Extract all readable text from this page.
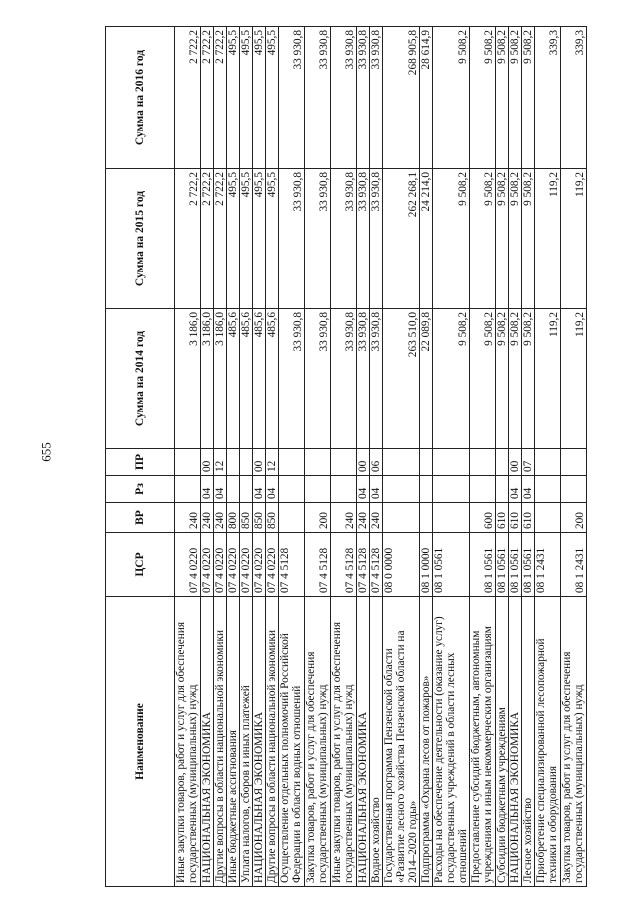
655
Наименование	ЦСР	ВР	Рз	ПР	Сумма на 2014 год	Сумма на 2015 год	Сумма на 2016 год
Иные закупки товаров, работ и услуг для обеспечения государственных (муниципальных) нужд	07 4 0220	240			3 186,0	2 722,2	2 722,2
НАЦИОНАЛЬНАЯ ЭКОНОМИКА	07 4 0220	240	04	00	3 186,0	2 722,2	2 722,2
Другие вопросы в области национальной экономики	07 4 0220	240	04	12	3 186,0	2 722,2	2 722,2
Иные бюджетные ассигнования	07 4 0220	800			485,6	495,5	495,5
Уплата налогов, сборов и иных платежей	07 4 0220	850			485,6	495,5	495,5
НАЦИОНАЛЬНАЯ ЭКОНОМИКА	07 4 0220	850	04	00	485,6	495,5	495,5
Другие вопросы в области национальной экономики	07 4 0220	850	04	12	485,6	495,5	495,5
Осуществление отдельных полномочий Российской Федерации в области водных отношений	07 4 5128				33 930,8	33 930,8	33 930,8
Закупка товаров, работ и услуг для обеспечения государственных (муниципальных) нужд	07 4 5128	200			33 930,8	33 930,8	33 930,8
Иные закупки товаров, работ и услуг для обеспечения государственных (муниципальных) нужд	07 4 5128	240			33 930,8	33 930,8	33 930,8
НАЦИОНАЛЬНАЯ ЭКОНОМИКА	07 4 5128	240	04	00	33 930,8	33 930,8	33 930,8
Водное хозяйство	07 4 5128	240	04	06	33 930,8	33 930,8	33 930,8
Государственная программа Пензенской области «Развитие лесного хозяйства Пензенской области на 2014–2020 годы»	08 0 0000				263 510,0	262 268,1	268 905,8
Подпрограмма «Охрана лесов от пожаров»	08 1 0000				22 089,8	24 214,0	28 614,9
Расходы на обеспечение деятельности (оказание услуг) государственных учреждений в области лесных отношений	08 1 0561				9 508,2	9 508,2	9 508,2
Предоставление субсидий бюджетным, автономным учреждениям и иным некоммерческим организациям	08 1 0561	600			9 508,2	9 508,2	9 508,2
Субсидии бюджетным учреждениям	08 1 0561	610			9 508,2	9 508,2	9 508,2
НАЦИОНАЛЬНАЯ ЭКОНОМИКА	08 1 0561	610	04	00	9 508,2	9 508,2	9 508,2
Лесное хозяйство	08 1 0561	610	04	07	9 508,2	9 508,2	9 508,2
Приобретение специализированной лесопожарной техники и оборудования	08 1 2431				119,2	119,2	339,3
Закупка товаров, работ и услуг для обеспечения государственных (муниципальных) нужд	08 1 2431	200			119,2	119,2	339,3
